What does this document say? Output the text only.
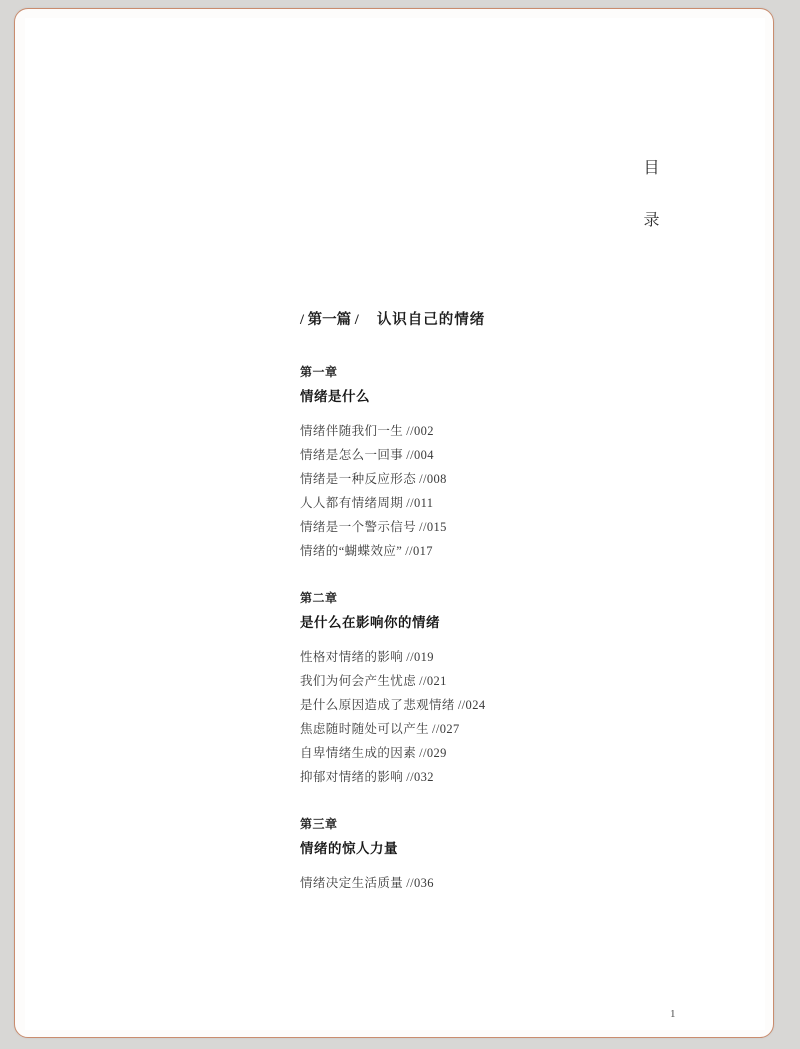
目
录
/ 第一篇 / 认识自己的情绪
第一章
情绪是什么
情绪伴随我们一生 //002
情绪是怎么一回事 //004
情绪是一种反应形态 //008
人人都有情绪周期 //011
情绪是一个警示信号 //015
情绪的“蝴蝶效应” //017
第二章
是什么在影响你的情绪
性格对情绪的影响 //019
我们为何会产生忧虑 //021
是什么原因造成了悲观情绪 //024
焦虑随时随处可以产生 //027
自卑情绪生成的因素 //029
抑郁对情绪的影响 //032
第三章
情绪的惊人力量
情绪决定生活质量 //036
1
